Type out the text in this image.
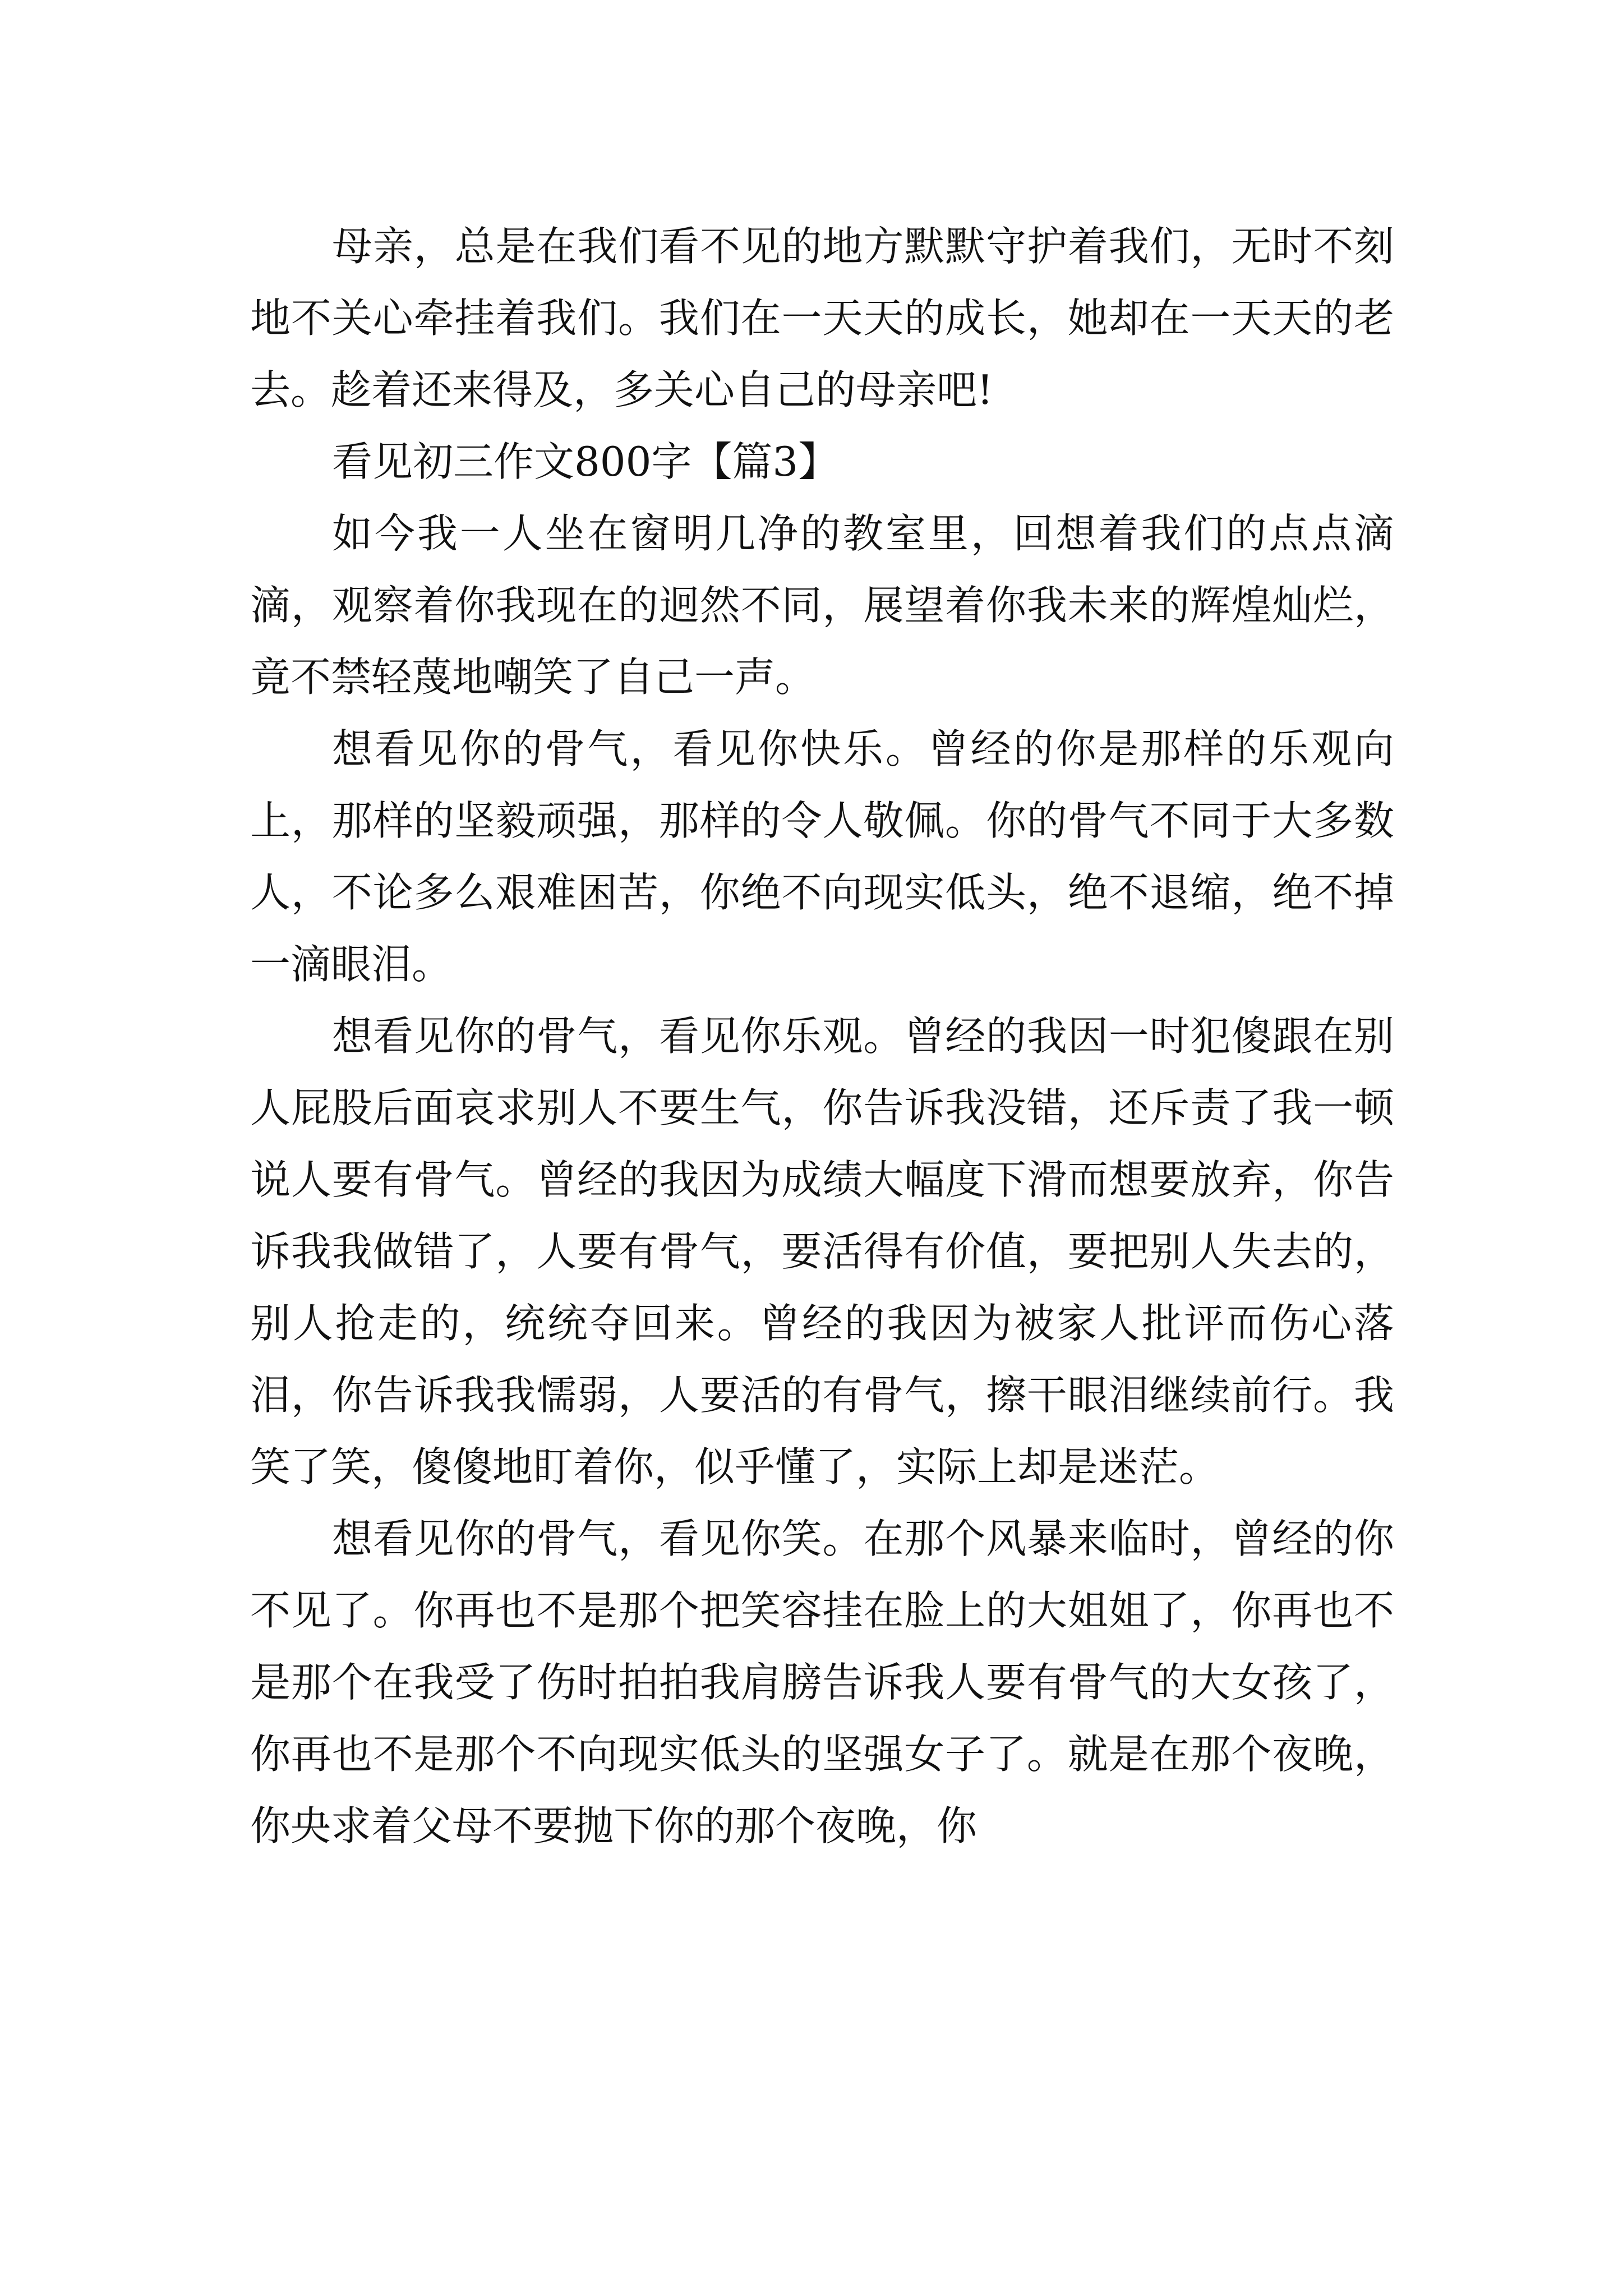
母亲，总是在我们看不见的地方默默守护着我们，无时不刻地不关心牵挂着我们。我们在一天天的成长，她却在一天天的老去。趁着还来得及，多关心自己的母亲吧!

看见初三作文800字【篇3】

如今我一人坐在窗明几净的教室里，回想着我们的点点滴滴，观察着你我现在的迥然不同，展望着你我未来的辉煌灿烂，竟不禁轻蔑地嘲笑了自己一声。

想看见你的骨气，看见你快乐。曾经的你是那样的乐观向上，那样的坚毅顽强，那样的令人敬佩。你的骨气不同于大多数人，不论多么艰难困苦，你绝不向现实低头，绝不退缩，绝不掉一滴眼泪。

想看见你的骨气，看见你乐观。曾经的我因一时犯傻跟在别人屁股后面哀求别人不要生气，你告诉我没错，还斥责了我一顿说人要有骨气。曾经的我因为成绩大幅度下滑而想要放弃，你告诉我我做错了，人要有骨气，要活得有价值，要把别人失去的，别人抢走的，统统夺回来。曾经的我因为被家人批评而伤心落泪，你告诉我我懦弱，人要活的有骨气，擦干眼泪继续前行。我笑了笑，傻傻地盯着你，似乎懂了，实际上却是迷茫。

想看见你的骨气，看见你笑。在那个风暴来临时，曾经的你不见了。你再也不是那个把笑容挂在脸上的大姐姐了，你再也不是那个在我受了伤时拍拍我肩膀告诉我人要有骨气的大女孩了，你再也不是那个不向现实低头的坚强女子了。就是在那个夜晚，你央求着父母不要抛下你的那个夜晚，你
